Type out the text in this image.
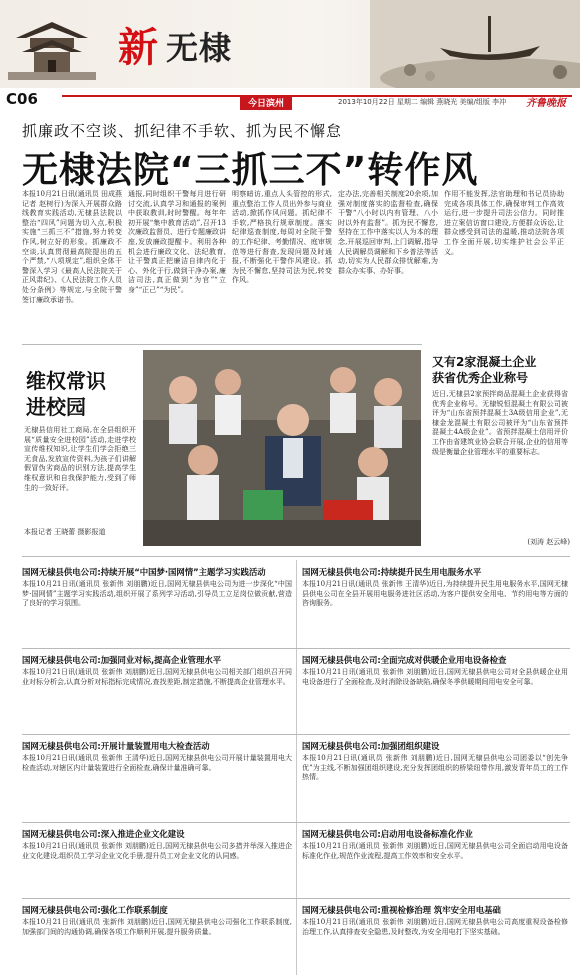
新 无棣
C06	今日滨州	2013年10月22日 星期二 编辑 燕晓光 美编/组版 李冲 齐鲁晚报
抓廉政不空谈、抓纪律不手软、抓为民不懈怠
无棣法院“三抓三不”转作风
本报10月21日讯(通讯员 田成燕 记者 赵树行)为深入开展群众路线教育实践活动,无棣县法院以整治“四风”问题为切入点,积极实施“三抓三不”措施,努力转变作风,树立好的形象。抓廉政不空谈,认真贯彻最高院提出的五个严禁,“八项规定”,组织全体干警深入学习《最高人民法院关于正风肃纪》、《人民法院工作人员处分条例》等规定,与全院干警签订廉政承诺书。
通报,同时组织干警每月进行研讨交流,认真学习和通报的案例中获取教训,时时警醒。每年年初开展“集中教育活动”,召开13次廉政监督员、进行专题廉政讲座,发放廉政提醒卡。利用各种机会进行廉政文化、法纪教育,让干警真正把廉洁自律内化于心、外化于行,做到干净办案,廉洁司法,真正做到“为官”“立身”“正己”“为民”。
明察暗访,重点人头管控的形式,重点整治工作人员出外参与商业活动,掀抓作风问题。抓纪律不手软,严格执行规章制度。落实纪律巡查制度,每周对全院干警的工作纪律、考勤情况、庭审规范等进行督查,发现问题及时通报,不断强化干警作风建设。抓为民不懈怠,坚持司法为民,转变作风。
定办法,完善相关制度20余项,加强对制度落实的监督检查,确保干警“八小时以内有管理、八小时以外有监督”。抓为民不懈怠,坚持在工作中落实以人为本的理念,开展巡回审判,上门调解,指导人民调解员调解和下乡普法等活动,切实为人民群众排忧解难,为群众办实事、办好事。
作用不能发挥,法官助理和书记员协助完成各项具体工作,确保审判工作高效运行,进一步提升司法公信力。同时推进立案信访窗口建设,方便群众诉讼,让群众感受到司法的温暖,推动法院各项工作全面开展,切实维护社会公平正义。
维权常识
进校园
无棣县信用社工商局,在全县组织开展“质量安全进校园”活动,走进学校宣传维权知识,让学生们学会拒绝三无食品,发放宣传资料,为孩子们讲解假冒伪劣商品的识别方法,提高学生维权意识和自我保护能力,受到了师生的一致好评。
本报记者 王晓蕾 摄影报道
又有2家混凝土企业
获省优秀企业称号
近日,无棣县2家预拌商品混凝土企业获得省优秀企业称号。无棣锐恒混凝土有限公司被评为“山东省预拌混凝土3A级信用企业”,无棣金龙混凝土有限公司被评为“山东省预拌混凝土4A级企业”。省预拌混凝土信用评价工作由省建筑业协会联合开展,企业的信用等级是衡量企业管理水平的重要标志。
(刘涛 赵云峰)
国网无棣县供电公司:持续开展“中国梦·国网情”主题学习实践活动
本报10月21日讯(通讯员 张新伟 刘朋鹏)近日,国网无棣县供电公司为进一步深化“中国梦·国网情”主题学习实践活动,组织开展了系列学习活动,引导员工立足岗位做贡献,营造了良好的学习氛围。
国网无棣县供电公司:持续提升民生用电服务水平
本报10月21日讯(通讯员 张新伟 王清华)近日,为持续提升民生用电服务水平,国网无棣县供电公司在全县开展用电服务进社区活动,为客户提供安全用电、节约用电等方面的咨询服务。
国网无棣县供电公司:加强同业对标,提高企业管理水平
本报10月21日讯(通讯员 张新伟 刘朋鹏)近日,国网无棣县供电公司相关部门组织召开同业对标分析会,认真分析对标指标完成情况,查找差距,制定措施,不断提高企业管理水平。
国网无棣县供电公司:全面完成对供暖企业用电设备检查
本报10月21日讯(通讯员 张新伟 刘朋鹏)近日,国网无棣县供电公司对全县供暖企业用电设备进行了全面检查,及时消除设备缺陷,确保冬季供暖期间用电安全可靠。
国网无棣县供电公司:开展计量装置用电大检查活动
本报10月21日讯(通讯员 张新伟 王清华)近日,国网无棣县供电公司开展计量装置用电大检查活动,对辖区内计量装置进行全面检查,确保计量准确可靠。
国网无棣县供电公司:加强团组织建设
本报10月21日讯(通讯员 张新伟 刘朋鹏)近日,国网无棣县供电公司团委以“创先争优”为主线,不断加强团组织建设,充分发挥团组织的桥梁纽带作用,激发青年员工的工作热情。
国网无棣县供电公司:深入推进企业文化建设
本报10月21日讯(通讯员 张新伟 刘朋鹏)近日,国网无棣县供电公司多措并举深入推进企业文化建设,组织员工学习企业文化手册,提升员工对企业文化的认同感。
国网无棣县供电公司:启动用电设备标准化作业
本报10月21日讯(通讯员 张新伟 刘朋鹏)近日,国网无棣县供电公司全面启动用电设备标准化作业,规范作业流程,提高工作效率和安全水平。
国网无棣县供电公司:强化工作联系制度
本报10月21日讯(通讯员 张新伟 刘朋鹏)近日,国网无棣县供电公司强化工作联系制度,加强部门间的沟通协调,确保各项工作顺利开展,提升服务质量。
国网无棣县供电公司:重视检修治理 筑牢安全用电基础
本报10月21日讯(通讯员 张新伟 刘朋鹏)近日,国网无棣县供电公司高度重视设备检修治理工作,认真排查安全隐患,及时整改,为安全用电打下坚实基础。
